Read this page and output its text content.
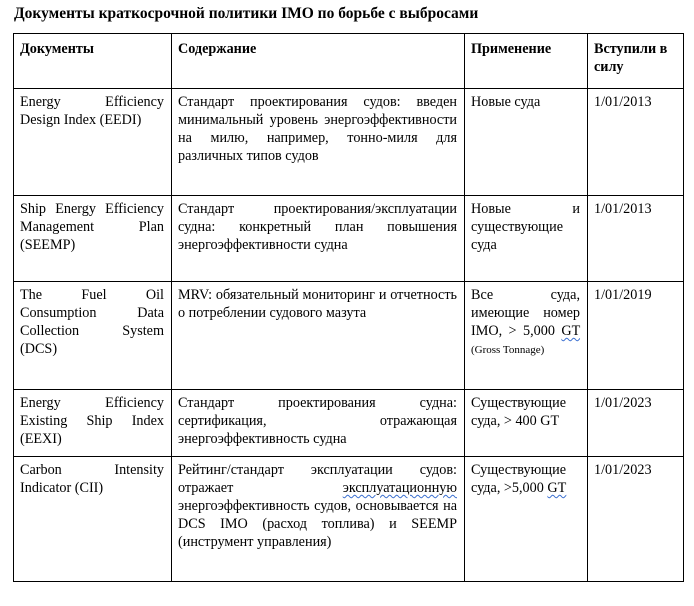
Документы краткосрочной политики IMO по борьбе с выбросами
Документы	Содержание	Применение	Вступили в силу
Energy Efficiency Design Index (EEDI)	Стандарт проектирования судов: введен минимальный уровень энергоэффективности на милю, например, тонно-миля для различных типов судов	Новые суда	1/01/2013
Ship Energy Efficiency Management Plan (SEEMP)	Стандарт проектирования/эксплуатации судна: конкретный план повышения энергоэффективности судна	Новые и существующие суда	1/01/2013
The Fuel Oil Consumption Data Collection System (DCS)	MRV: обязательный мониторинг и отчетность о потреблении судового мазута	Все суда, имеющие номер IMO, > 5,000 GT (Gross Tonnage)	1/01/2019
Energy Efficiency Existing Ship Index (EEXI)	Стандарт проектирования судна: сертификация, отражающая энергоэффективность судна	Существующие суда, > 400 GT	1/01/2023
Carbon Intensity Indicator (CII)	Рейтинг/стандарт эксплуатации судов: отражает эксплуатационную энергоэффективность судов, основывается на DCS IMO (расход топлива) и SEEMP (инструмент управления)	Существующие суда, >5,000 GT	1/01/2023
